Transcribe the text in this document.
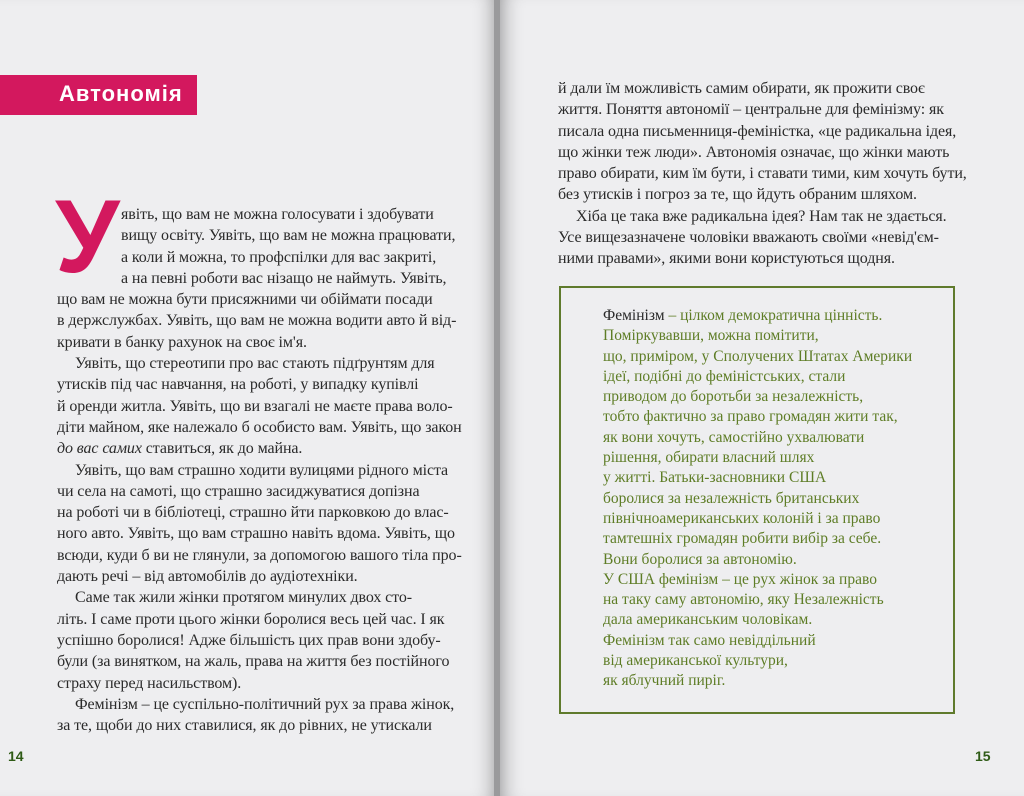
Автономія
У явіть, що вам не можна голосувати і здобувати
вищу освіту. Уявіть, що вам не можна працювати,
а коли й можна, то профспілки для вас закриті,
а на певні роботи вас нізащо не наймуть. Уявіть,
що вам не можна бути присяжними чи обіймати посади
в держслужбах. Уявіть, що вам не можна водити авто й від-
кривати в банку рахунок на своє ім'я.
Уявіть, що стереотипи про вас стають підґрунтям для
утисків під час навчання, на роботі, у випадку купівлі
й оренди житла. Уявіть, що ви взагалі не маєте права воло-
діти майном, яке належало б особисто вам. Уявіть, що закон
до вас самих ставиться, як до майна.
Уявіть, що вам страшно ходити вулицями рідного міста
чи села на самоті, що страшно засиджуватися допізна
на роботі чи в бібліотеці, страшно йти парковкою до влас-
ного авто. Уявіть, що вам страшно навіть вдома. Уявіть, що
всюди, куди б ви не глянули, за допомогою вашого тіла про-
дають речі – від автомобілів до аудіотехніки.
Саме так жили жінки протягом минулих двох сто-
літь. І саме проти цього жінки боролися весь цей час. І як
успішно боролися! Адже більшість цих прав вони здобу-
були (за винятком, на жаль, права на життя без постійного
страху перед насильством).
Фемінізм – це суспільно-політичний рух за права жінок,
за те, щоби до них ставилися, як до рівних, не утискали
14	15
й дали їм можливість самим обирати, як прожити своє
життя. Поняття автономії – центральне для фемінізму: як
писала одна письменниця-феміністка, «це радикальна ідея,
що жінки теж люди». Автономія означає, що жінки мають
право обирати, ким їм бути, і ставати тими, ким хочуть бути,
без утисків і погроз за те, що йдуть обраним шляхом.
Хіба це така вже радикальна ідея? Нам так не здається.
Усе вищезазначене чоловіки вважають своїми «невід'єм-
ними правами», якими вони користуються щодня.
Фемінізм – цілком демократична цінність.
Поміркувавши, можна помітити,
що, приміром, у Сполучених Штатах Америки
ідеї, подібні до феміністських, стали
приводом до боротьби за незалежність,
тобто фактично за право громадян жити так,
як вони хочуть, самостійно ухвалювати
рішення, обирати власний шлях
у житті. Батьки-засновники США
боролися за незалежність британських
північноамериканських колоній і за право
тамтешніх громадян робити вибір за себе.
Вони боролися за автономію.
У США фемінізм – це рух жінок за право
на таку саму автономію, яку Незалежність
дала американським чоловікам.
Фемінізм так само невіддільний
від американської культури,
як яблучний пиріг.
